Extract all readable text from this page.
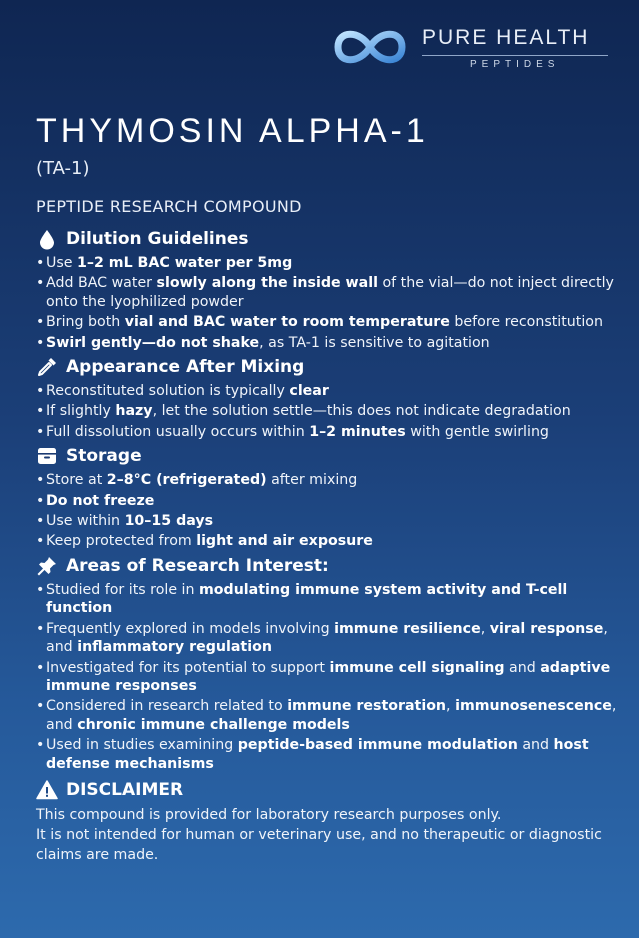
PURE HEALTH
PEPTIDES
THYMOSIN ALPHA-1
(TA-1)
PEPTIDE RESEARCH COMPOUND
Dilution Guidelines
• Use 1–2 mL BAC water per 5mg
• Add BAC water slowly along the inside wall of the vial—do not inject directly onto the lyophilized powder
• Bring both vial and BAC water to room temperature before reconstitution
• Swirl gently—do not shake, as TA-1 is sensitive to agitation
Appearance After Mixing
• Reconstituted solution is typically clear
• If slightly hazy, let the solution settle—this does not indicate degradation
• Full dissolution usually occurs within 1–2 minutes with gentle swirling
Storage
• Store at 2–8°C (refrigerated) after mixing
• Do not freeze
• Use within 10–15 days
• Keep protected from light and air exposure
Areas of Research Interest:
• Studied for its role in modulating immune system activity and T-cell function
• Frequently explored in models involving immune resilience, viral response, and inflammatory regulation
• Investigated for its potential to support immune cell signaling and adaptive immune responses
• Considered in research related to immune restoration, immunosenescence, and chronic immune challenge models
• Used in studies examining peptide-based immune modulation and host defense mechanisms
DISCLAIMER
This compound is provided for laboratory research purposes only.
It is not intended for human or veterinary use, and no therapeutic or diagnostic claims are made.
